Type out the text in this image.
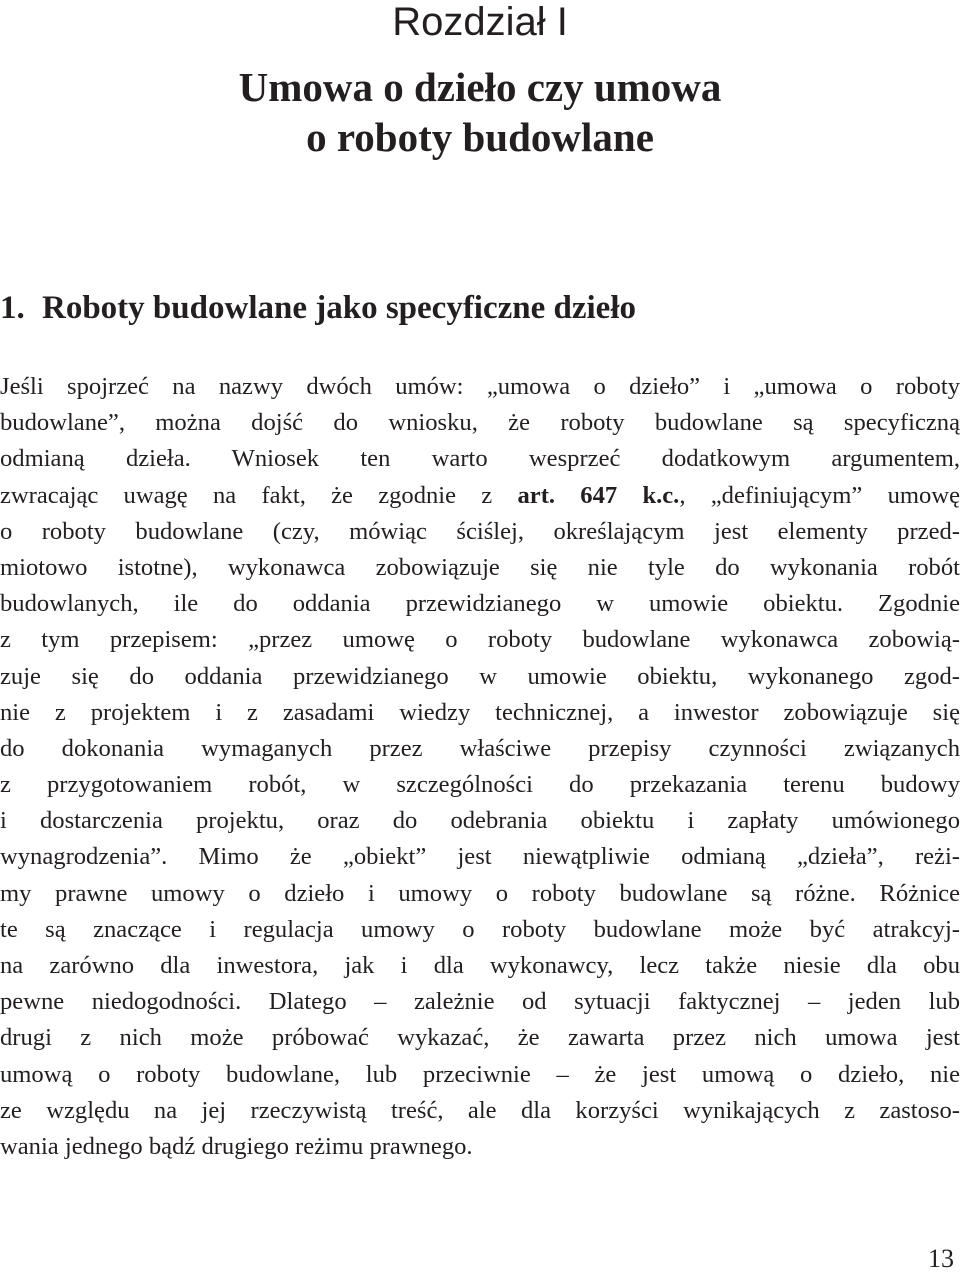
Rozdział I
Umowa o dzieło czy umowa
o roboty budowlane
1. Roboty budowlane jako specyficzne dzieło
Jeśli spojrzeć na nazwy dwóch umów: „umowa o dzieło” i „umowa o roboty
budowlane”, można dojść do wniosku, że roboty budowlane są specyficzną
odmianą dzieła. Wniosek ten warto wesprzeć dodatkowym argumentem,
zwracając uwagę na fakt, że zgodnie z art. 647 k.c., „definiującym” umowę
o roboty budowlane (czy, mówiąc ściślej, określającym jest elementy przed-
miotowo istotne), wykonawca zobowiązuje się nie tyle do wykonania robót
budowlanych, ile do oddania przewidzianego w umowie obiektu. Zgodnie
z tym przepisem: „przez umowę o roboty budowlane wykonawca zobowią-
zuje się do oddania przewidzianego w umowie obiektu, wykonanego zgod-
nie z projektem i z zasadami wiedzy technicznej, a inwestor zobowiązuje się
do dokonania wymaganych przez właściwe przepisy czynności związanych
z przygotowaniem robót, w szczególności do przekazania terenu budowy
i dostarczenia projektu, oraz do odebrania obiektu i zapłaty umówionego
wynagrodzenia”. Mimo że „obiekt” jest niewątpliwie odmianą „dzieła”, reżi-
my prawne umowy o dzieło i umowy o roboty budowlane są różne. Różnice
te są znaczące i regulacja umowy o roboty budowlane może być atrakcyj-
na zarówno dla inwestora, jak i dla wykonawcy, lecz także niesie dla obu
pewne niedogodności. Dlatego – zależnie od sytuacji faktycznej – jeden lub
drugi z nich może próbować wykazać, że zawarta przez nich umowa jest
umową o roboty budowlane, lub przeciwnie – że jest umową o dzieło, nie
ze względu na jej rzeczywistą treść, ale dla korzyści wynikających z zastoso-
wania jednego bądź drugiego reżimu prawnego.
13
